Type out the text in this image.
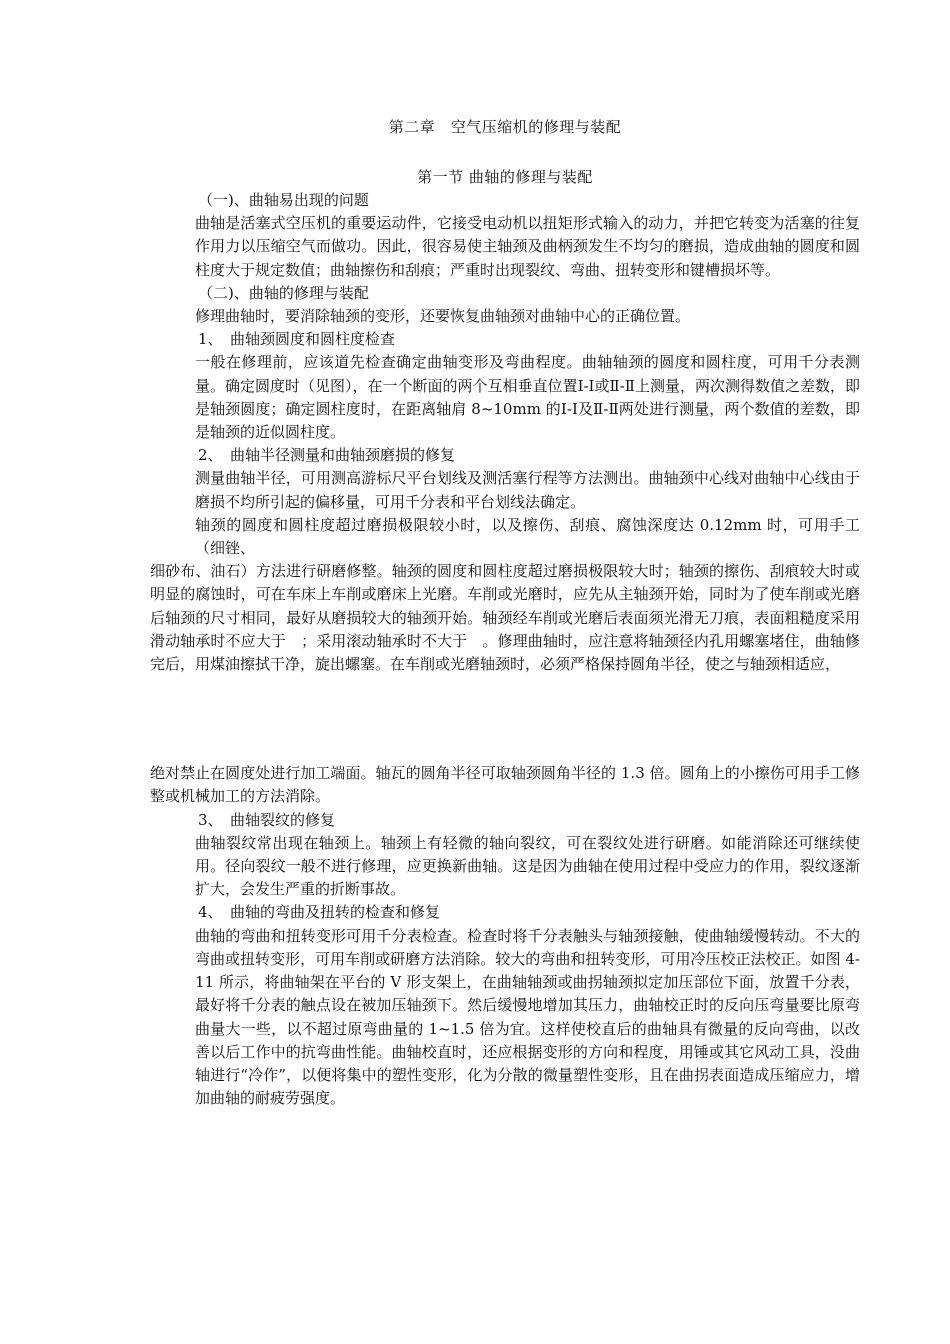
第二章　空气压缩机的修理与装配
第一节 曲轴的修理与装配
（一)、曲轴易出现的问题
曲轴是活塞式空压机的重要运动件，它接受电动机以扭矩形式输入的动力，并把它转变为活塞的往复作用力以压缩空气而做功。因此，很容易使主轴颈及曲柄颈发生不均匀的磨损，造成曲轴的圆度和圆柱度大于规定数值；曲轴擦伤和刮痕；严重时出现裂纹、弯曲、扭转变形和键槽损坏等。
（二)、曲轴的修理与装配
修理曲轴时，要消除轴颈的变形，还要恢复曲轴颈对曲轴中心的正确位置。
1、　曲轴颈圆度和圆柱度检查
一般在修理前，应该道先检查确定曲轴变形及弯曲程度。曲轴轴颈的圆度和圆柱度，可用千分表测量。确定圆度时（见图），在一个断面的两个互相垂直位置Ⅰ-Ⅰ或Ⅱ-Ⅱ上测量，两次测得数值之差数，即是轴颈圆度；确定圆柱度时，在距离轴肩 8~10mm 的Ⅰ-Ⅰ及Ⅱ-Ⅱ两处进行测量，两个数值的差数，即是轴颈的近似圆柱度。
2、　曲轴半径测量和曲轴颈磨损的修复
测量曲轴半径，可用测高游标尺平台划线及测活塞行程等方法测出。曲轴颈中心线对曲轴中心线由于磨损不均所引起的偏移量，可用千分表和平台划线法确定。
轴颈的圆度和圆柱度超过磨损极限较小时，以及擦伤、刮痕、腐蚀深度达 0.12mm 时，可用手工（细锉、
细砂布、油石）方法进行研磨修整。轴颈的圆度和圆柱度超过磨损极限较大时；轴颈的擦伤、刮痕较大时或明显的腐蚀时，可在车床上车削或磨床上光磨。车削或光磨时，应先从主轴颈开始，同时为了使车削或光磨后轴颈的尺寸相同，最好从磨损较大的轴颈开始。轴颈经车削或光磨后表面须光滑无刀痕，表面粗糙度采用滑动轴承时不应大于　；采用滚动轴承时不大于　。修理曲轴时，应注意将轴颈径内孔用螺塞堵住，曲轴修完后，用煤油擦拭干净，旋出螺塞。在车削或光磨轴颈时，必须严格保持圆角半径，使之与轴颈相适应，
绝对禁止在圆度处进行加工端面。轴瓦的圆角半径可取轴颈圆角半径的 1.3 倍。圆角上的小擦伤可用手工修整或机械加工的方法消除。
3、　曲轴裂纹的修复
曲轴裂纹常出现在轴颈上。轴颈上有轻微的轴向裂纹，可在裂纹处进行研磨。如能消除还可继续使用。径向裂纹一般不进行修理，应更换新曲轴。这是因为曲轴在使用过程中受应力的作用，裂纹逐渐扩大，会发生严重的折断事故。
4、　曲轴的弯曲及扭转的检查和修复
曲轴的弯曲和扭转变形可用千分表检查。检查时将千分表触头与轴颈接触，使曲轴缓慢转动。不大的弯曲或扭转变形，可用车削或研磨方法消除。较大的弯曲和扭转变形，可用冷压校正法校正。如图 4-11 所示，将曲轴架在平台的 V 形支架上，在曲轴轴颈或曲拐轴颈拟定加压部位下面，放置千分表，最好将千分表的触点设在被加压轴颈下。然后缓慢地增加其压力，曲轴校正时的反向压弯量要比原弯曲量大一些，以不超过原弯曲量的 1~1.5 倍为宜。这样使校直后的曲轴具有微量的反向弯曲，以改善以后工作中的抗弯曲性能。曲轴校直时，还应根据变形的方向和程度，用锤或其它风动工具，没曲轴进行“冷作”，以便将集中的塑性变形，化为分散的微量塑性变形，且在曲拐表面造成压缩应力，增加曲轴的耐疲劳强度。
